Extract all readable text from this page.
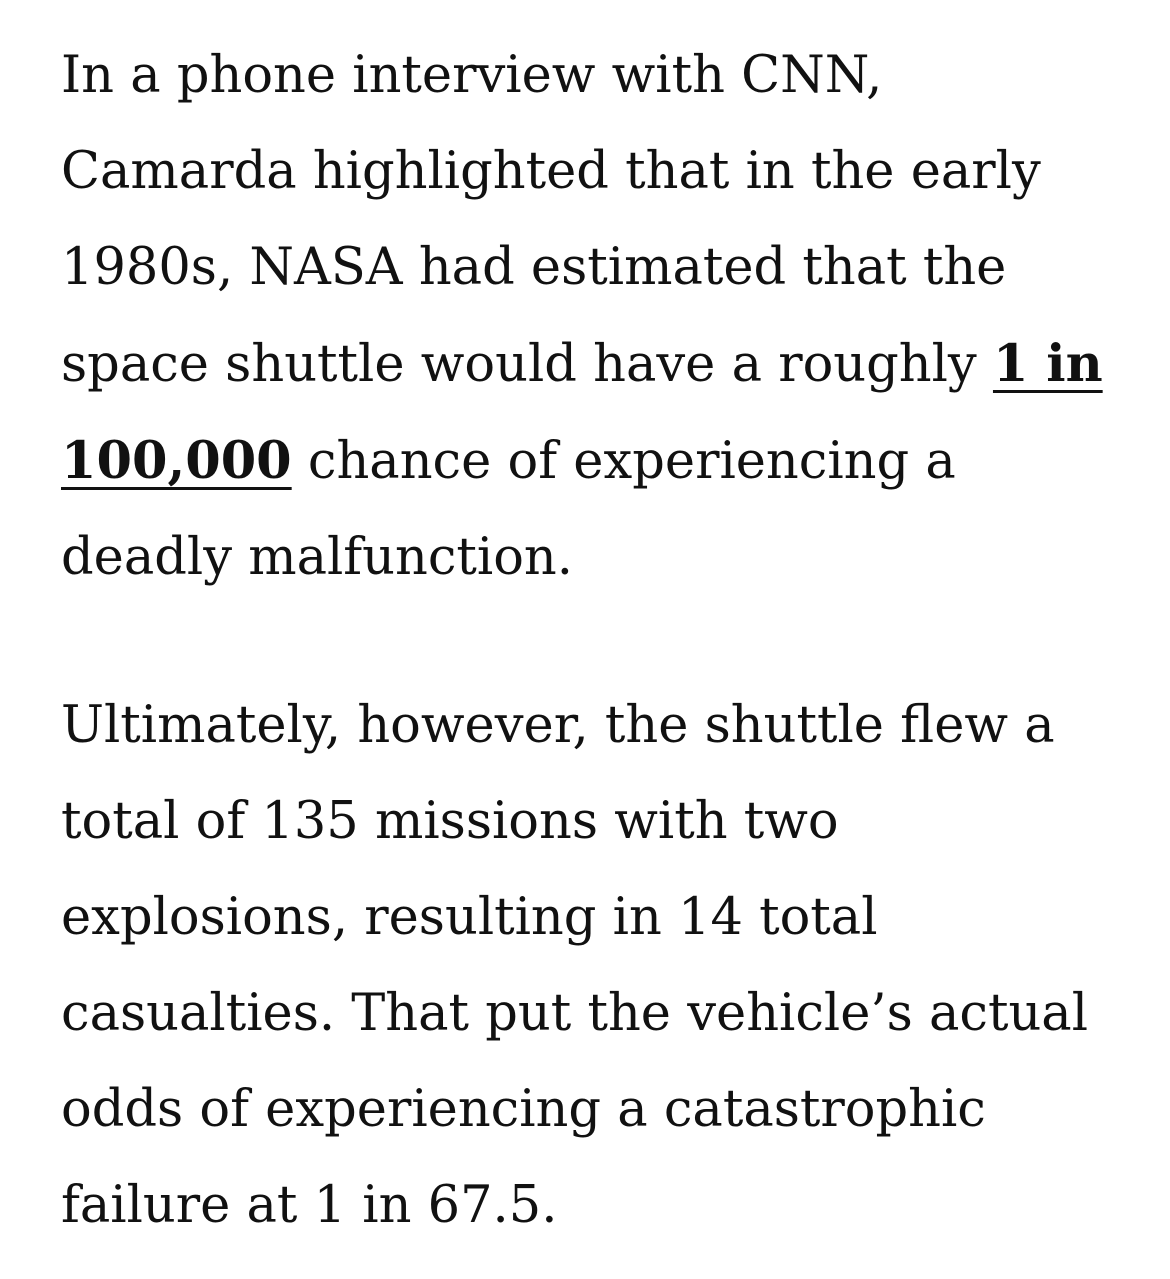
In a phone interview with CNN, Camarda highlighted that in the early 1980s, NASA had estimated that the space shuttle would have a roughly 1 in 100,000 chance of experiencing a deadly malfunction.

Ultimately, however, the shuttle flew a total of 135 missions with two explosions, resulting in 14 total casualties. That put the vehicle’s actual odds of experiencing a catastrophic failure at 1 in 67.5.
